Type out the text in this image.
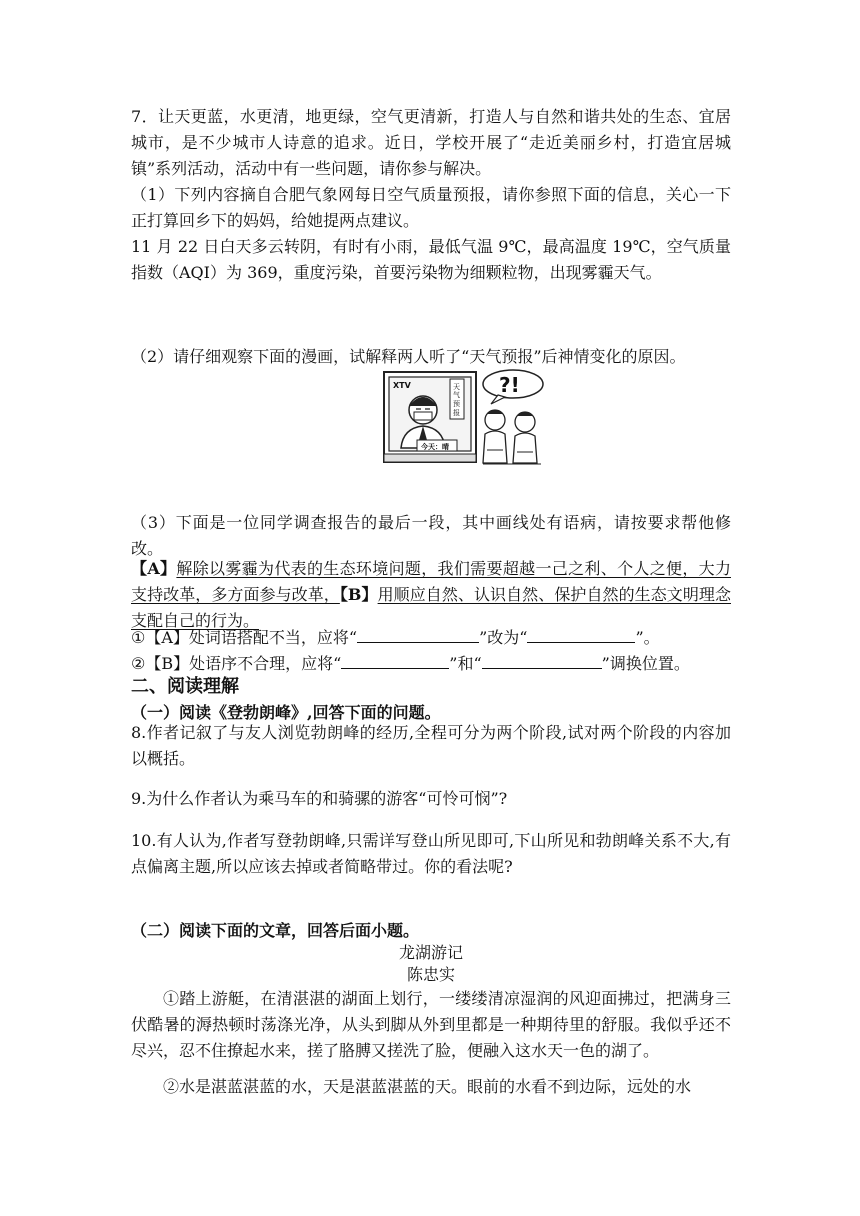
7．让天更蓝，水更清，地更绿，空气更清新，打造人与自然和谐共处的生态、宜居城市，是不少城市人诗意的追求。近日，学校开展了“走近美丽乡村，打造宜居城镇”系列活动，活动中有一些问题，请你参与解决。

（1）下列内容摘自合肥气象网每日空气质量预报，请你参照下面的信息，关心一下正打算回乡下的妈妈，给她提两点建议。

11 月 22 日白天多云转阴，有时有小雨，最低气温 9℃，最高温度 19℃，空气质量指数（AQI）为 369，重度污染，首要污染物为细颗粒物，出现雾霾天气。

（2）请仔细观察下面的漫画，试解释两人听了“天气预报”后神情变化的原因。

XTV	天气预报
今天：晴
?!

（3）下面是一位同学调查报告的最后一段，其中画线处有语病，请按要求帮他修改。

【A】解除以雾霾为代表的生态环境问题，我们需要超越一己之利、个人之便，大力支持改革，多方面参与改革，【B】用顺应自然、认识自然、保护自然的生态文明理念支配自己的行为。

①【A】处词语搭配不当，应将“	”改为“	”。

②【B】处语序不合理，应将“	”和“	”调换位置。

二、阅读理解

（一）阅读《登勃朗峰》,回答下面的问题。

8.作者记叙了与友人浏览勃朗峰的经历,全程可分为两个阶段,试对两个阶段的内容加以概括。

9.为什么作者认为乘马车的和骑骡的游客“可怜可悯”?

10.有人认为,作者写登勃朗峰,只需详写登山所见即可,下山所见和勃朗峰关系不大,有点偏离主题,所以应该去掉或者简略带过。你的看法呢?

（二）阅读下面的文章，回答后面小题。

龙湖游记

陈忠实

①踏上游艇，在清湛湛的湖面上划行，一缕缕清凉湿润的风迎面拂过，把满身三伏酷暑的溽热顿时荡涤光净，从头到脚从外到里都是一种期待里的舒服。我似乎还不尽兴，忍不住撩起水来，搓了胳膊又搓洗了脸，便融入这水天一色的湖了。

②水是湛蓝湛蓝的水，天是湛蓝湛蓝的天。眼前的水看不到边际，远处的水
